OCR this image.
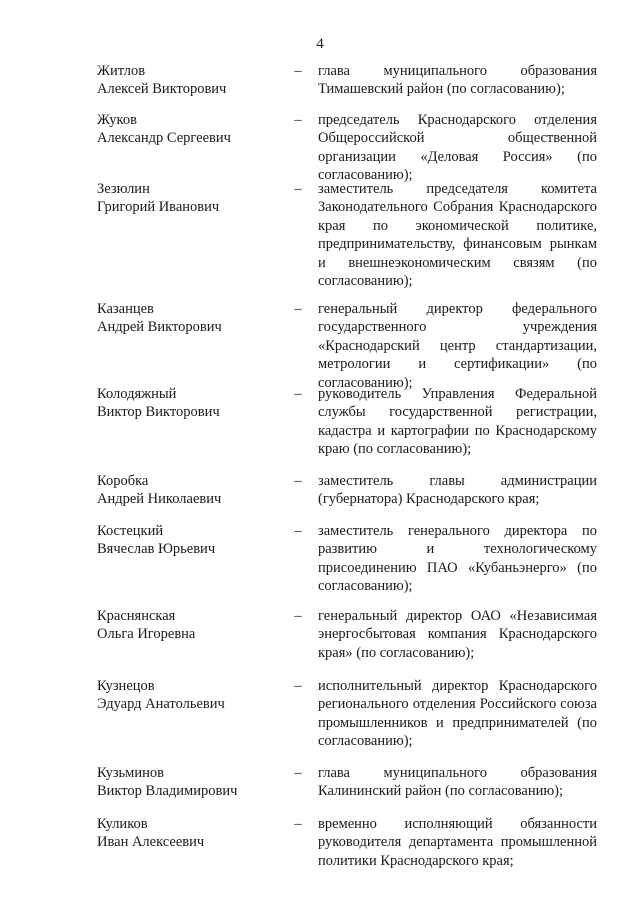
4
Житлов
Алексей Викторович
–	глава муниципального образования Тимашевский район (по согласованию);
Жуков
Александр Сергеевич
–	председатель Краснодарского отделения Общероссийской общественной организации «Деловая Россия» (по согласованию);
Зезюлин
Григорий Иванович
–	заместитель председателя комитета Законодательного Собрания Краснодарского края по экономической политике, предпринимательству, финансовым рынкам и внешнеэкономическим связям (по согласованию);
Казанцев
Андрей Викторович
–	генеральный директор федерального государственного учреждения «Краснодарский центр стандартизации, метрологии и сертификации» (по согласованию);
Колодяжный
Виктор Викторович
–	руководитель Управления Федеральной службы государственной регистрации, кадастра и картографии по Краснодарскому краю (по согласованию);
Коробка
Андрей Николаевич
–	заместитель главы администрации (губернатора) Краснодарского края;
Костецкий
Вячеслав Юрьевич
–	заместитель генерального директора по развитию и технологическому присоединению ПАО «Кубаньэнерго» (по согласованию);
Краснянская
Ольга Игоревна
–	генеральный директор ОАО «Независимая энергосбытовая компания Краснодарского края» (по согласованию);
Кузнецов
Эдуард Анатольевич
–	исполнительный директор Краснодарского регионального отделения Российского союза промышленников и предпринимателей (по согласованию);
Кузьминов
Виктор Владимирович
–	глава муниципального образования Калининский район (по согласованию);
Куликов
Иван Алексеевич
–	временно исполняющий обязанности руководителя департамента промышленной политики Краснодарского края;
